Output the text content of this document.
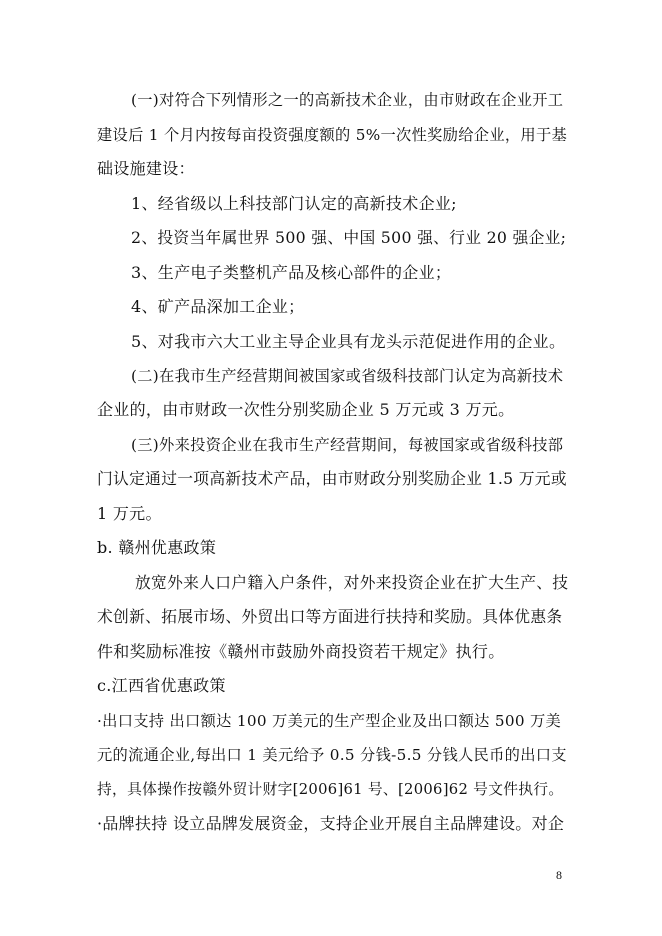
(一)对符合下列情形之一的高新技术企业，由市财政在企业开工
建设后 1 个月内按每亩投资强度额的 5%一次性奖励给企业，用于基
础设施建设：
1、经省级以上科技部门认定的高新技术企业;
2、投资当年属世界 500 强、中国 500 强、行业 20 强企业;
3、生产电子类整机产品及核心部件的企业；
4、矿产品深加工企业；
5、对我市六大工业主导企业具有龙头示范促进作用的企业。
(二)在我市生产经营期间被国家或省级科技部门认定为高新技术
企业的，由市财政一次性分别奖励企业 5 万元或 3 万元。
(三)外来投资企业在我市生产经营期间，每被国家或省级科技部
门认定通过一项高新技术产品，由市财政分别奖励企业 1.5 万元或
1 万元。
b. 赣州优惠政策
放宽外来人口户籍入户条件，对外来投资企业在扩大生产、技
术创新、拓展市场、外贸出口等方面进行扶持和奖励。具体优惠条
件和奖励标准按《赣州市鼓励外商投资若干规定》执行。
c.江西省优惠政策
·出口支持 出口额达 100 万美元的生产型企业及出口额达 500 万美
元的流通企业,每出口 1 美元给予 0.5 分钱-5.5 分钱人民币的出口支
持，具体操作按赣外贸计财字[2006]61 号、[2006]62 号文件执行。
·品牌扶持 设立品牌发展资金，支持企业开展自主品牌建设。对企
8
